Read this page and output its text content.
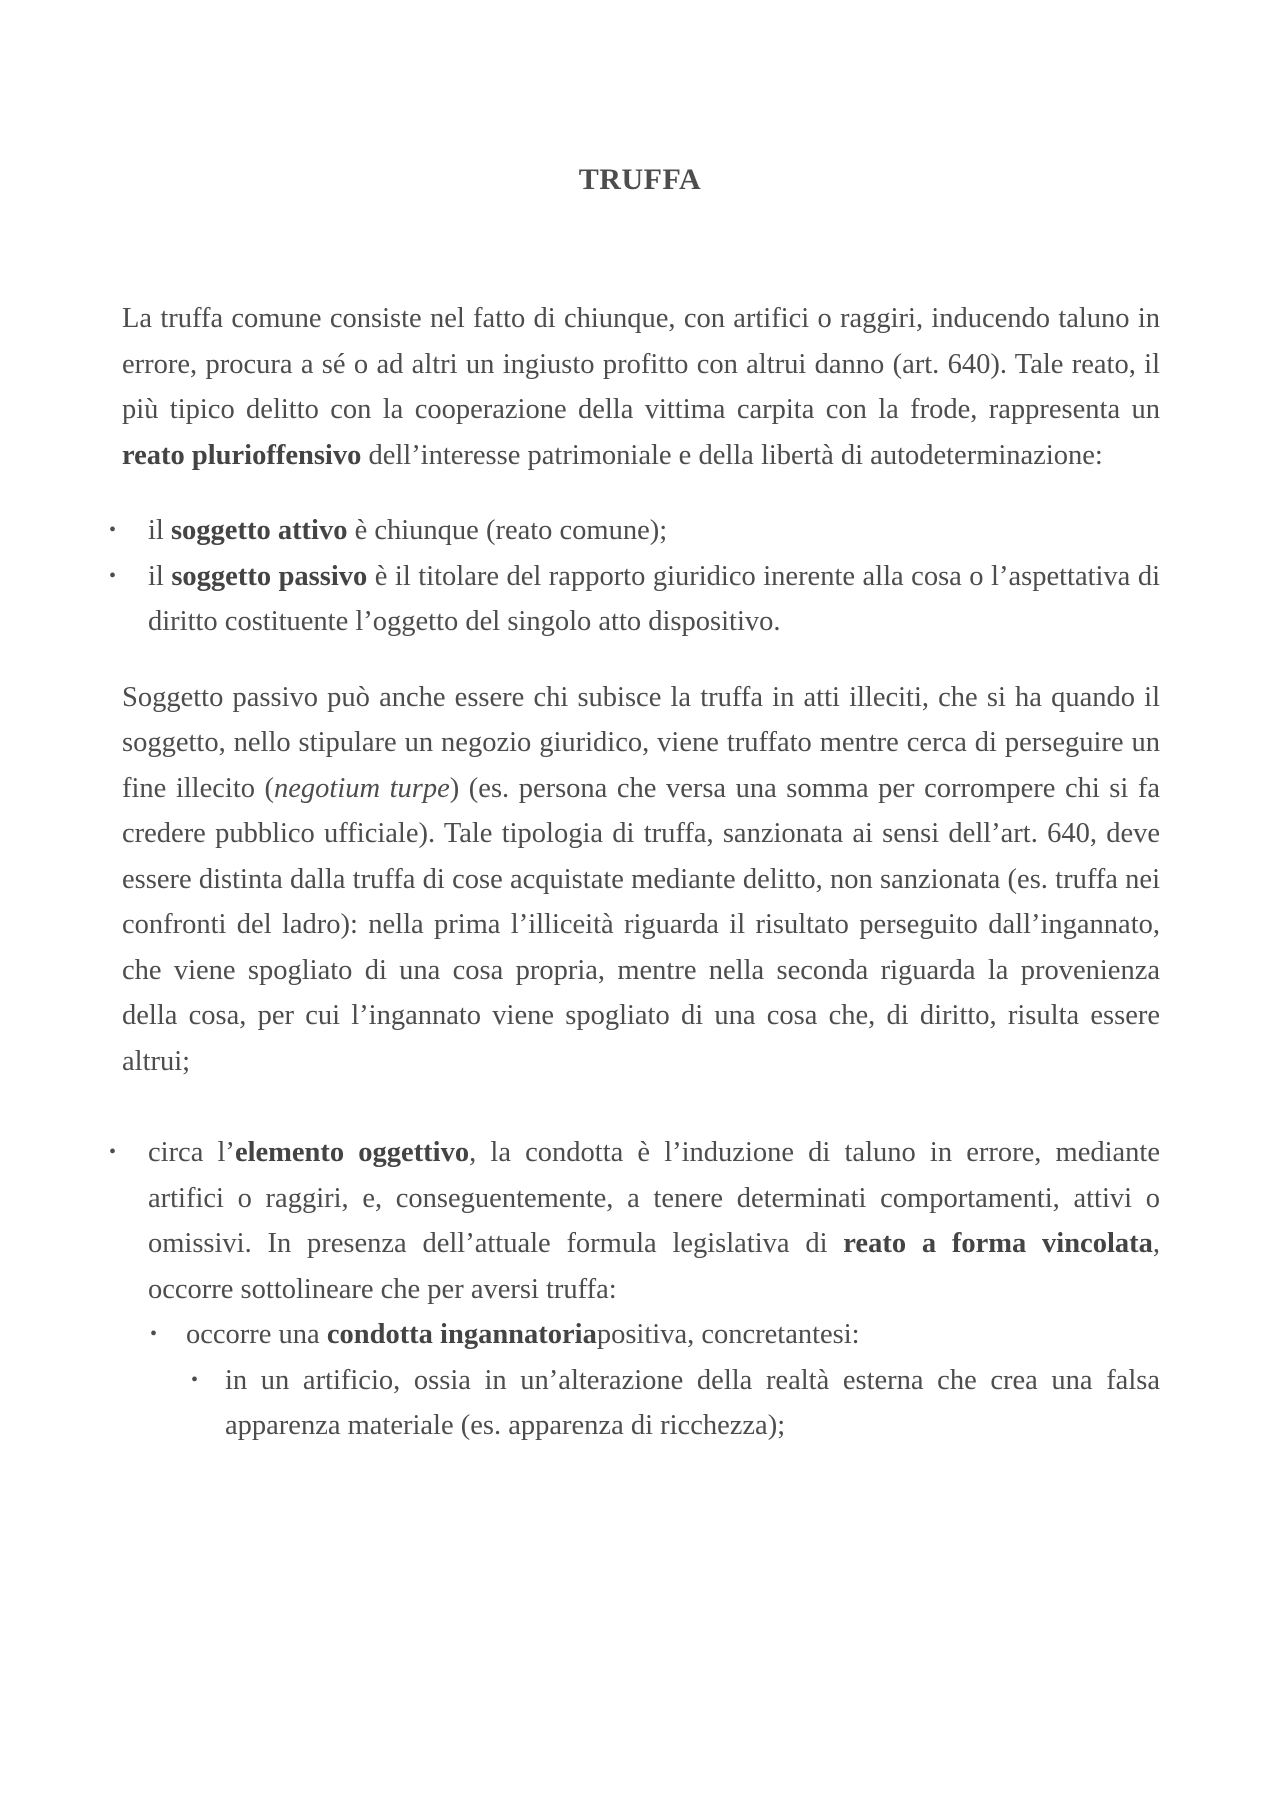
TRUFFA

La truffa comune consiste nel fatto di chiunque, con artifici o raggiri, inducendo taluno in errore, procura a sé o ad altri un ingiusto profitto con altrui danno (art. 640). Tale reato, il più tipico delitto con la cooperazione della vittima carpita con la frode, rappresenta un reato plurioffensivo dell’interesse patrimoniale e della libertà di autodeterminazione:

• il soggetto attivo è chiunque (reato comune);
• il soggetto passivo è il titolare del rapporto giuridico inerente alla cosa o l’aspettativa di diritto costituente l’oggetto del singolo atto dispositivo.

Soggetto passivo può anche essere chi subisce la truffa in atti illeciti, che si ha quando il soggetto, nello stipulare un negozio giuridico, viene truffato mentre cerca di perseguire un fine illecito (negotium turpe) (es. persona che versa una somma per corrompere chi si fa credere pubblico ufficiale). Tale tipologia di truffa, sanzionata ai sensi dell’art. 640, deve essere distinta dalla truffa di cose acquistate mediante delitto, non sanzionata (es. truffa nei confronti del ladro): nella prima l’illiceità riguarda il risultato perseguito dall’ingannato, che viene spogliato di una cosa propria, mentre nella seconda riguarda la provenienza della cosa, per cui l’ingannato viene spogliato di una cosa che, di diritto, risulta essere altrui;

• circa l’elemento oggettivo, la condotta è l’induzione di taluno in errore, mediante artifici o raggiri, e, conseguentemente, a tenere determinati comportamenti, attivi o omissivi. In presenza dell’attuale formula legislativa di reato a forma vincolata, occorre sottolineare che per aversi truffa:
• occorre una condotta ingannatoriapositiva, concretantesi:
• in un artificio, ossia in un’alterazione della realtà esterna che crea una falsa apparenza materiale (es. apparenza di ricchezza);
